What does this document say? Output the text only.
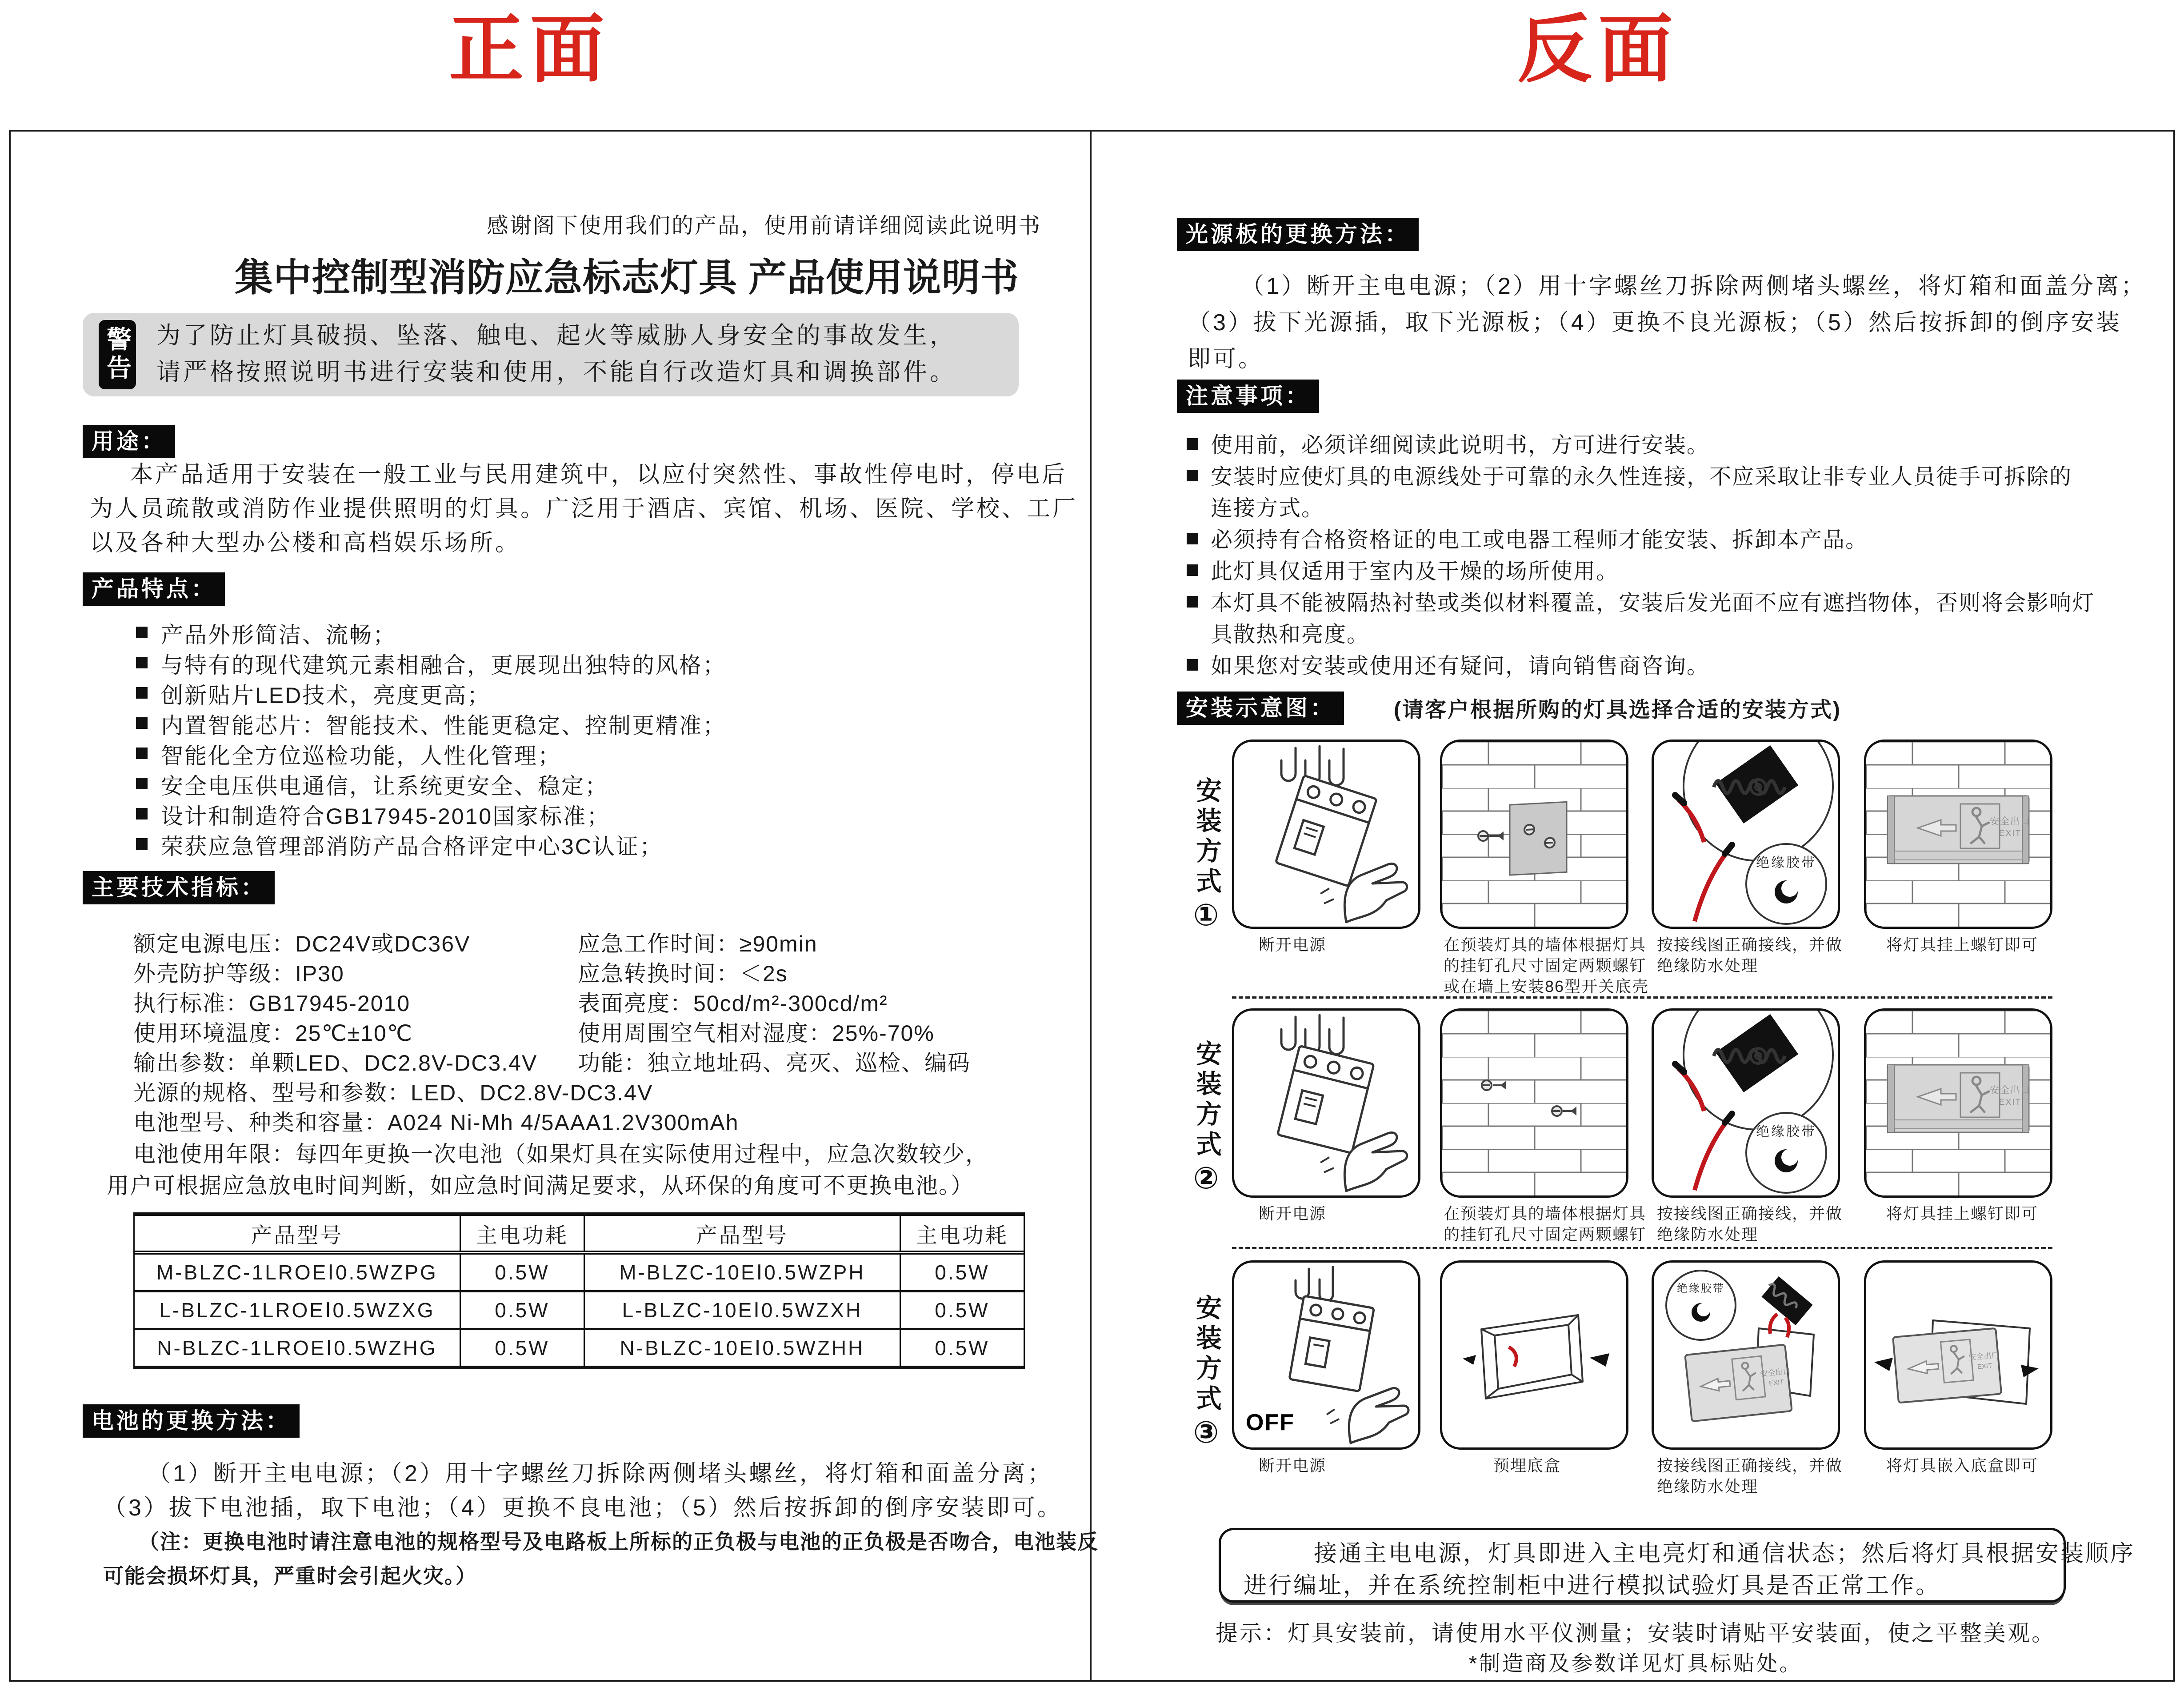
正面	反面
感谢阁下使用我们的产品，使用前请详细阅读此说明书
集中控制型消防应急标志灯具 产品使用说明书
警告 为了防止灯具破损、坠落、触电、起火等威胁人身安全的事故发生，
请严格按照说明书进行安装和使用，不能自行改造灯具和调换部件。
用途：
本产品适用于安装在一般工业与民用建筑中，以应付突然性、事故性停电时，停电后
为人员疏散或消防作业提供照明的灯具。广泛用于酒店、宾馆、机场、医院、学校、工厂
以及各种大型办公楼和高档娱乐场所。
产品特点：
产品外形简洁、流畅；
与特有的现代建筑元素相融合，更展现出独特的风格；
创新贴片LED技术，亮度更高；
内置智能芯片：智能技术、性能更稳定、控制更精准；
智能化全方位巡检功能，人性化管理；
安全电压供电通信，让系统更安全、稳定；
设计和制造符合GB17945-2010国家标准；
荣获应急管理部消防产品合格评定中心3C认证；
主要技术指标：
额定电源电压：DC24V或DC36V	应急工作时间：≥90min
外壳防护等级：IP30	应急转换时间：＜2s
执行标准：GB17945-2010	表面亮度：50cd/m²-300cd/m²
使用环境温度：25℃±10℃	使用周围空气相对湿度：25%-70%
输出参数：单颗LED、DC2.8V-DC3.4V 功能：独立地址码、亮灭、巡检、编码
光源的规格、型号和参数：LED、DC2.8V-DC3.4V
电池型号、种类和容量：A024 Ni-Mh 4/5AAA1.2V300mAh
电池使用年限：每四年更换一次电池（如果灯具在实际使用过程中，应急次数较少，
用户可根据应急放电时间判断，如应急时间满足要求，从环保的角度可不更换电池。）
产品型号	主电功耗	产品型号	主电功耗
M-BLZC-1LROEⅠ0.5WZPG	0.5W	M-BLZC-10EⅠ0.5WZPH	0.5W
L-BLZC-1LROEⅠ0.5WZXG	0.5W	L-BLZC-10EⅠ0.5WZXH	0.5W
N-BLZC-1LROEⅠ0.5WZHG	0.5W	N-BLZC-10EⅠ0.5WZHH	0.5W
电池的更换方法：
（1）断开主电电源；（2）用十字螺丝刀拆除两侧堵头螺丝，将灯箱和面盖分离；
（3）拔下电池插，取下电池；（4）更换不良电池；（5）然后按拆卸的倒序安装即可。
（注：更换电池时请注意电池的规格型号及电路板上所标的正负极与电池的正负极是否吻合，电池装反
可能会损坏灯具，严重时会引起火灾。）
光源板的更换方法：
（1）断开主电电源；（2）用十字螺丝刀拆除两侧堵头螺丝，将灯箱和面盖分离；
（3）拔下光源插，取下光源板；（4）更换不良光源板；（5）然后按拆卸的倒序安装
即可。
注意事项：
使用前，必须详细阅读此说明书，方可进行安装。
安装时应使灯具的电源线处于可靠的永久性连接，不应采取让非专业人员徒手可拆除的
连接方式。
必须持有合格资格证的电工或电器工程师才能安装、拆卸本产品。
此灯具仅适用于室内及干燥的场所使用。
本灯具不能被隔热衬垫或类似材料覆盖，安装后发光面不应有遮挡物体，否则将会影响灯
具散热和亮度。
如果您对安装或使用还有疑问，请向销售商咨询。
安装示意图：	(请客户根据所购的灯具选择合适的安装方式)
安装方式①
安装方式②
安装方式③
绝缘胶带
安全出口
EXIT
断开电源	在预装灯具的墙体根据灯具
的挂钉孔尺寸固定两颗螺钉
或在墙上安装86型开关底壳
按接线图正确接线，并做
绝缘防水处理
将灯具挂上螺钉即可
绝缘胶带
安全出口
EXIT
断开电源	在预装灯具的墙体根据灯具
的挂钉孔尺寸固定两颗螺钉
按接线图正确接线，并做
绝缘防水处理
将灯具挂上螺钉即可
OFF
绝缘胶带
安全出口
EXIT
安全出口
EXIT
断开电源	预埋底盒	按接线图正确接线，并做
绝缘防水处理
将灯具嵌入底盒即可
接通主电电源，灯具即进入主电亮灯和通信状态；然后将灯具根据安装顺序
进行编址，并在系统控制柜中进行模拟试验灯具是否正常工作。
提示：灯具安装前，请使用水平仪测量；安装时请贴平安装面，使之平整美观。
*制造商及参数详见灯具标贴处。
